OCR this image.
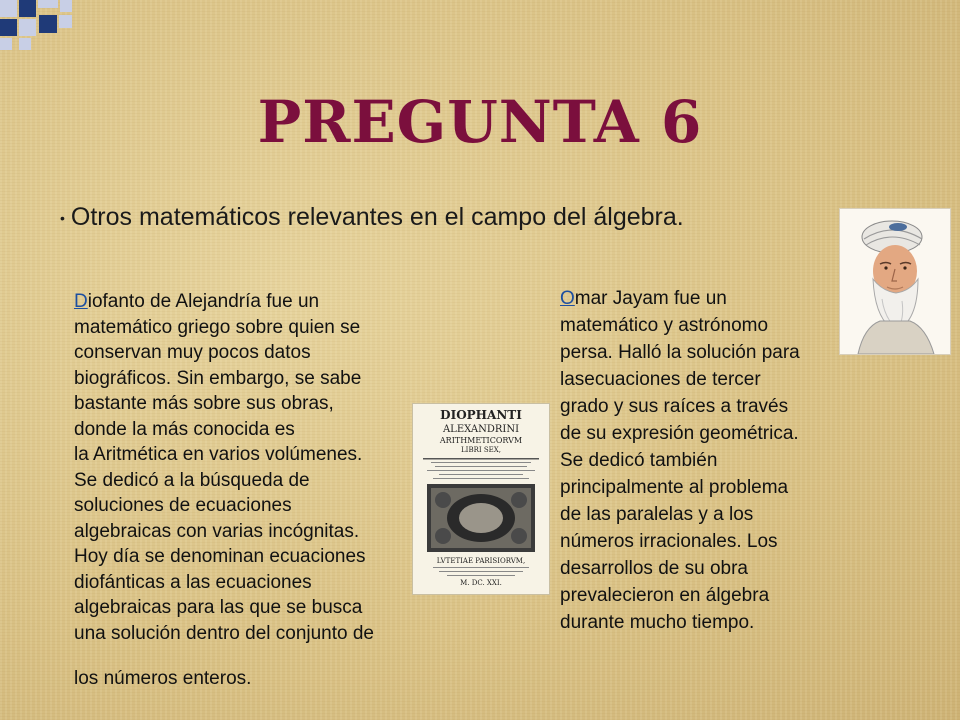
PREGUNTA 6
• Otros matemáticos relevantes en el campo del álgebra.
Diofanto de Alejandría fue un
matemático griego sobre quien se
conservan muy pocos datos
biográficos. Sin embargo, se sabe
bastante más sobre sus obras,
donde la más conocida es
la Aritmética en varios volúmenes.
Se dedicó a la búsqueda de
soluciones de ecuaciones
algebraicas con varias incógnitas.
Hoy día se denominan ecuaciones
diofánticas a las ecuaciones
algebraicas para las que se busca
una solución dentro del conjunto de
los números enteros.
DIOPHANTI
ALEXANDRINI
ARITHMETICORVM
LIBRI SEX,
LVTETIAE PARISIORVM,
M. DC. XXI.
Omar Jayam fue un
matemático y astrónomo
persa. Halló la solución para
lasecuaciones de tercer
grado y sus raíces a través
de su expresión geométrica.
Se dedicó también
principalmente al problema
de las paralelas y a los
números irracionales. Los
desarrollos de su obra
prevalecieron en álgebra
durante mucho tiempo.
